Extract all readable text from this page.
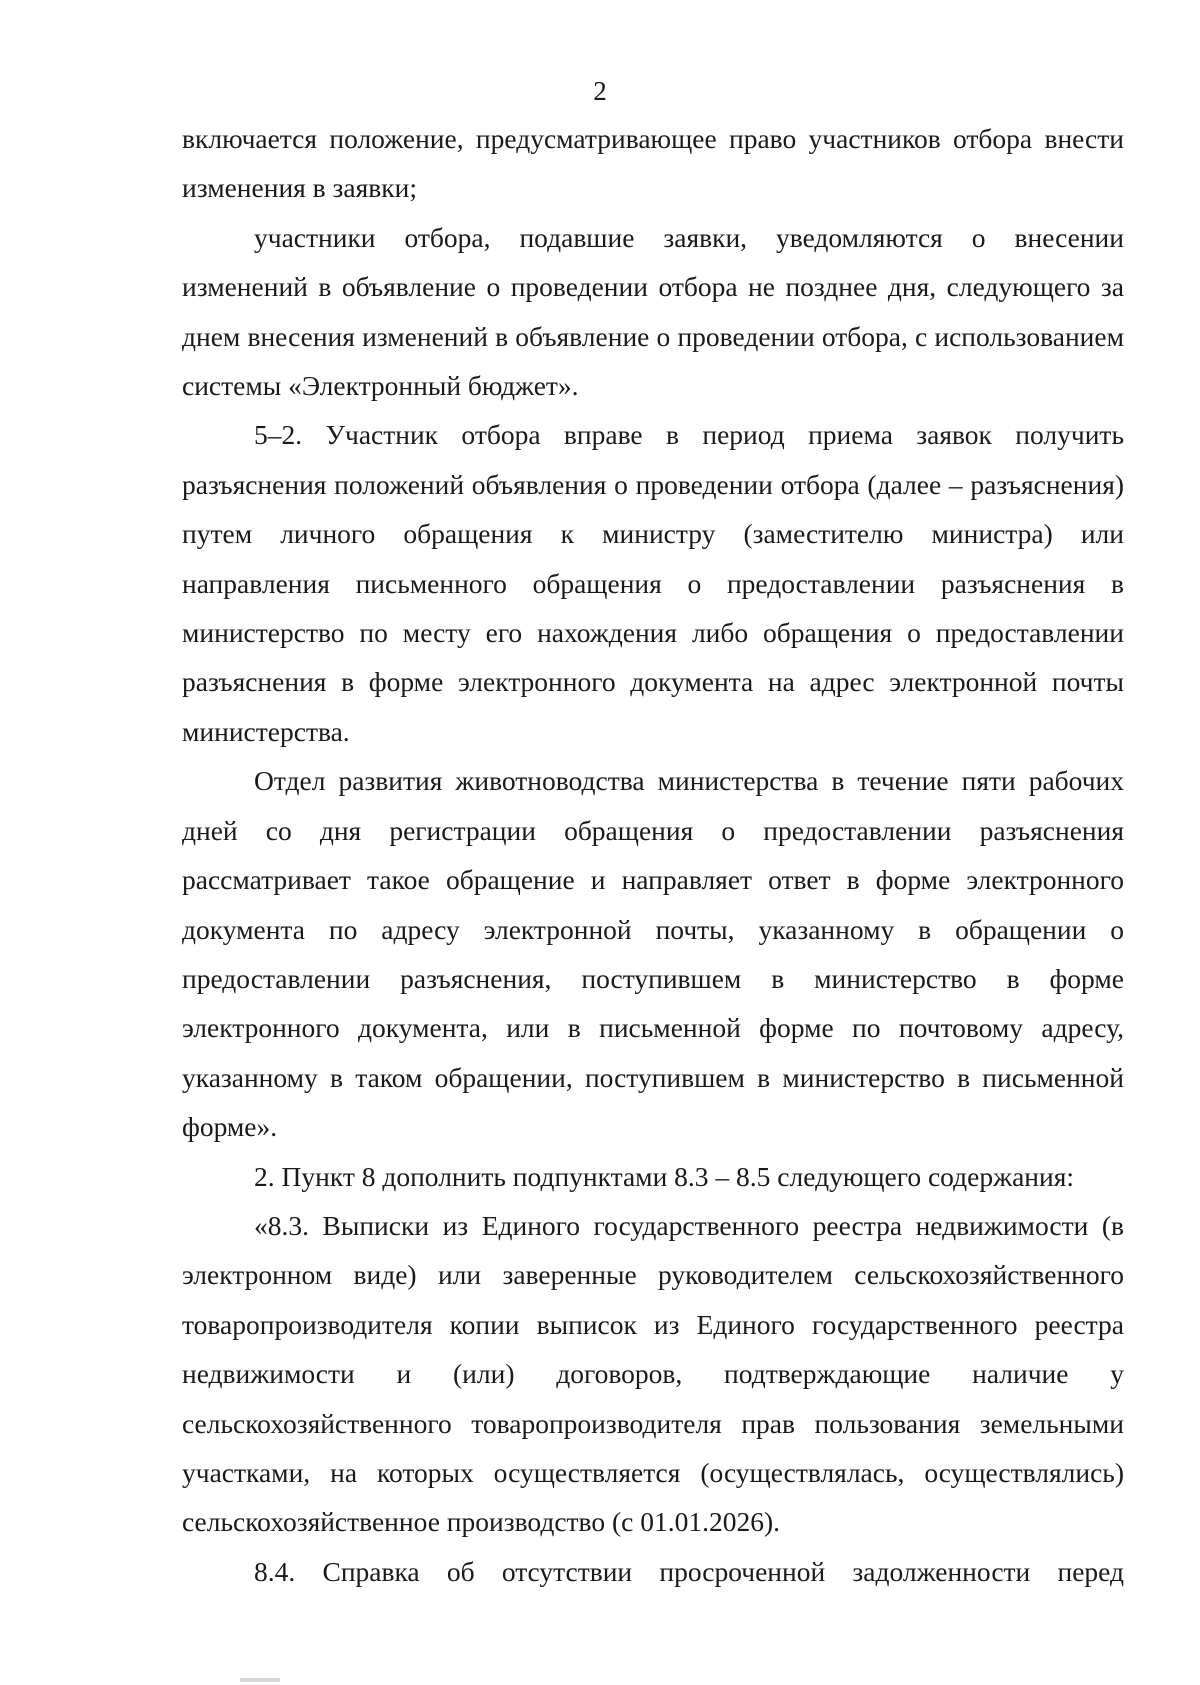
2

включается положение, предусматривающее право участников отбора внести изменения в заявки;

участники отбора, подавшие заявки, уведомляются о внесении изменений в объявление о проведении отбора не позднее дня, следующего за днем внесения изменений в объявление о проведении отбора, с использованием системы «Электронный бюджет».

5–2. Участник отбора вправе в период приема заявок получить разъяснения положений объявления о проведении отбора (далее – разъяснения) путем личного обращения к министру (заместителю министра) или направления письменного обращения о предоставлении разъяснения в министерство по месту его нахождения либо обращения о предоставлении разъяснения в форме электронного документа на адрес электронной почты министерства.

Отдел развития животноводства министерства в течение пяти рабочих дней со дня регистрации обращения о предоставлении разъяснения рассматривает такое обращение и направляет ответ в форме электронного документа по адресу электронной почты, указанному в обращении о предоставлении разъяснения, поступившем в министерство в форме электронного документа, или в письменной форме по почтовому адресу, указанному в таком обращении, поступившем в министерство в письменной форме».

2. Пункт 8 дополнить подпунктами 8.3 – 8.5 следующего содержания:

«8.3. Выписки из Единого государственного реестра недвижимости (в электронном виде) или заверенные руководителем сельскохозяйственного товаропроизводителя копии выписок из Единого государственного реестра недвижимости и (или) договоров, подтверждающие наличие у сельскохозяйственного товаропроизводителя прав пользования земельными участками, на которых осуществляется (осуществлялась, осуществлялись) сельскохозяйственное производство (с 01.01.2026).

8.4. Справка об отсутствии просроченной задолженности перед
